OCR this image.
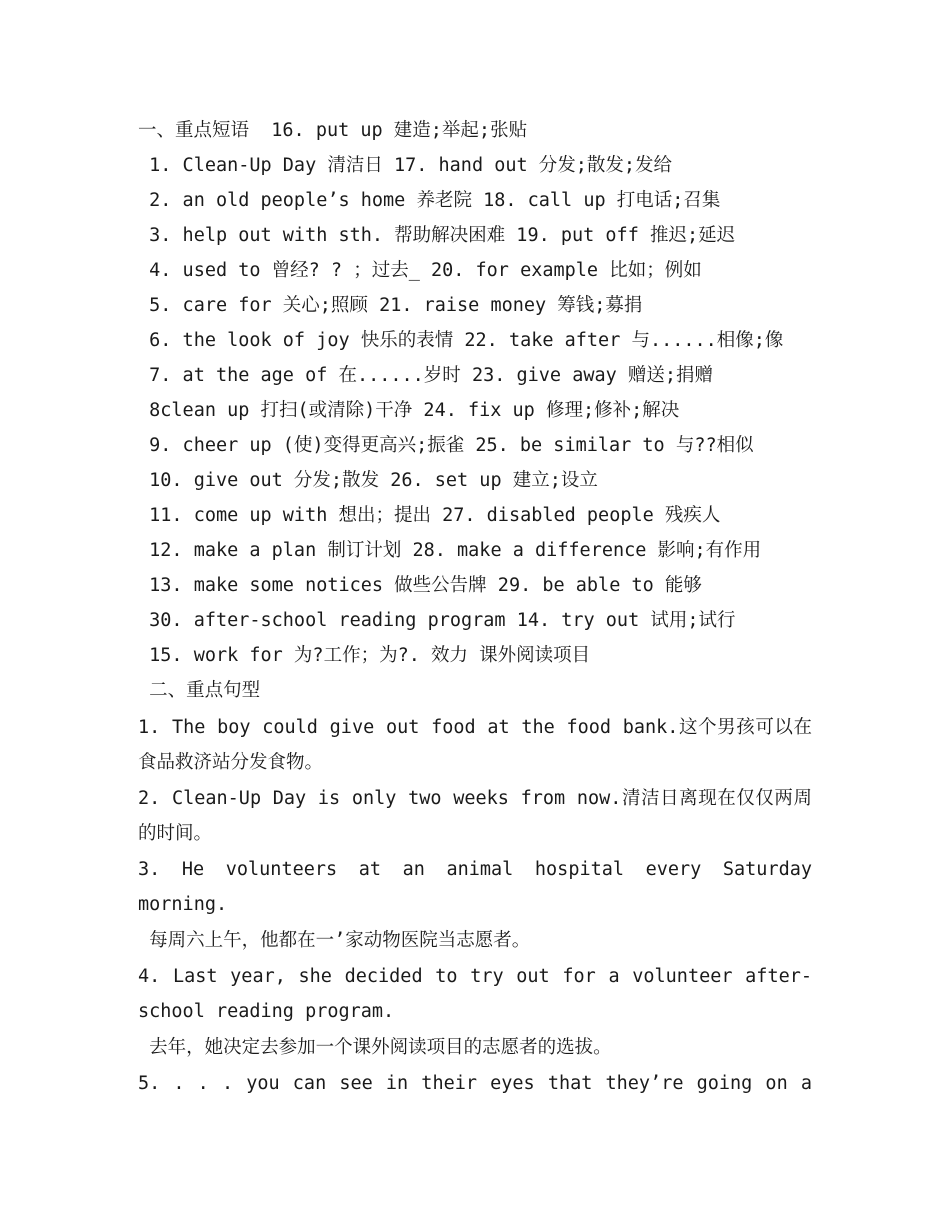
一、重点短语  16. put up 建造;举起;张贴
1. Clean-Up Day 清洁日 17. hand out 分发;散发;发给
2. an old people’s home 养老院 18. call up 打电话;召集
3. help out with sth. 帮助解决困难 19. put off 推迟;延迟
4. used to 曾经? ? ；过去_ 20. for example 比如；例如
5. care for 关心;照顾 21. raise money 筹钱;募捐
6. the look of joy 快乐的表情 22. take after 与......相像;像
7. at the age of 在......岁时 23. give away 赠送;捐赠
8clean up 打扫(或清除)干净 24. fix up 修理;修补;解决
9. cheer up (使)变得更高兴;振雀 25. be similar to 与??相似
10. give out 分发;散发 26. set up 建立;设立
11. come up with 想出；提出 27. disabled people 残疾人
12. make a plan 制订计划 28. make a difference 影响;有作用
13. make some notices 做些公告牌 29. be able to 能够
30. after-school reading program 14. try out 试用;试行
15. work for 为?工作；为?. 效力 课外阅读项目
二、重点句型
1. The boy could give out food at the food bank.这个男孩可以在食品救济站分发食物。
2. Clean-Up Day is only two weeks from now.清洁日离现在仅仅两周的时间。
3. He volunteers at an animal hospital every Saturday morning.
每周六上午，他都在一’家动物医院当志愿者。
4. Last year, she decided to try out for a volunteer after-school reading program.
去年，她决定去参加一个课外阅读项目的志愿者的选拔。
5. . . . you can see in their eyes that they’re going on a
